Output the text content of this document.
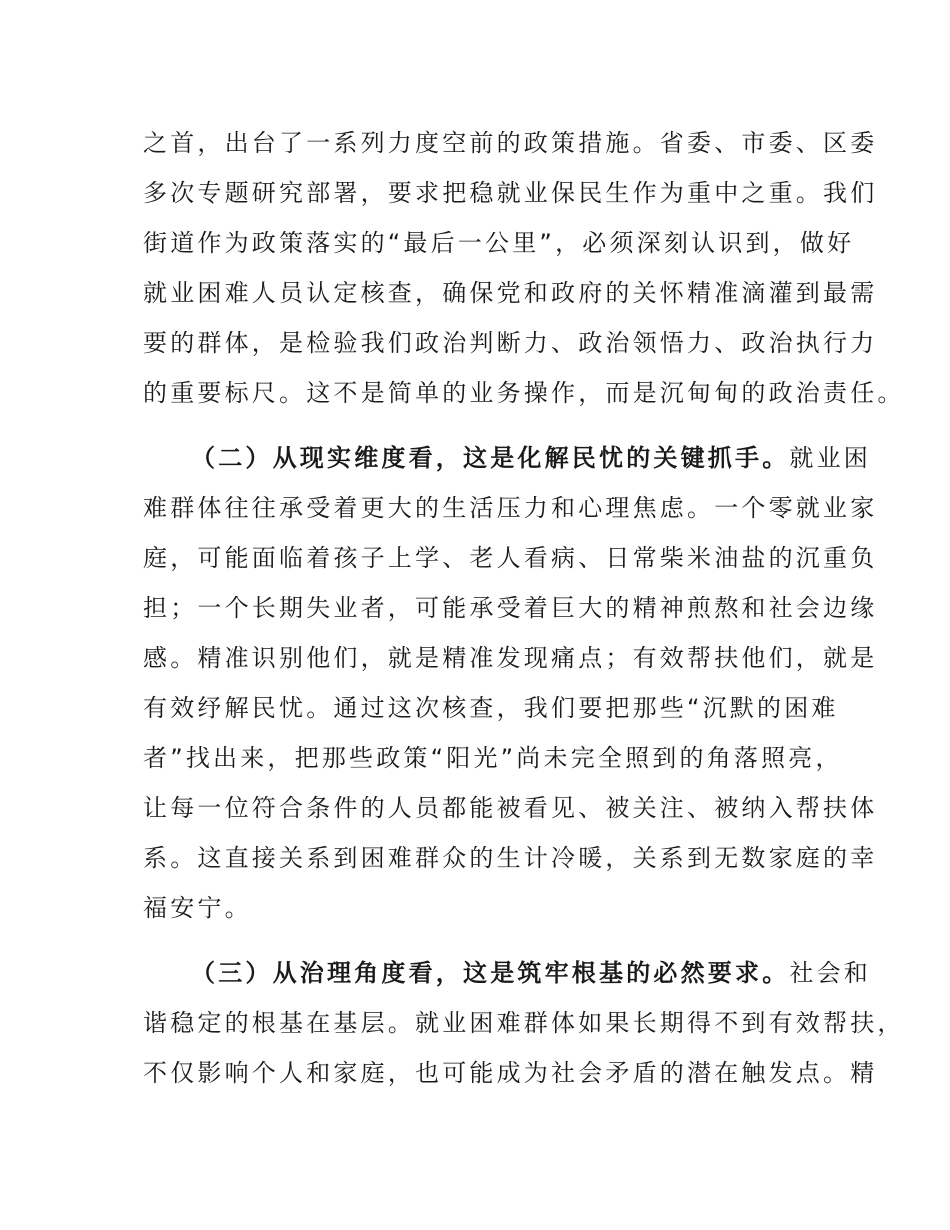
之首，出台了一系列力度空前的政策措施。省委、市委、区委
多次专题研究部署，要求把稳就业保民生作为重中之重。我们
街道作为政策落实的“最后一公里”，必须深刻认识到，做好
就业困难人员认定核查，确保党和政府的关怀精准滴灌到最需
要的群体，是检验我们政治判断力、政治领悟力、政治执行力
的重要标尺。这不是简单的业务操作，而是沉甸甸的政治责任。
（二）从现实维度看，这是化解民忧的关键抓手。就业困
难群体往往承受着更大的生活压力和心理焦虑。一个零就业家
庭，可能面临着孩子上学、老人看病、日常柴米油盐的沉重负
担；一个长期失业者，可能承受着巨大的精神煎熬和社会边缘
感。精准识别他们，就是精准发现痛点；有效帮扶他们，就是
有效纾解民忧。通过这次核查，我们要把那些“沉默的困难
者”找出来，把那些政策“阳光”尚未完全照到的角落照亮，
让每一位符合条件的人员都能被看见、被关注、被纳入帮扶体
系。这直接关系到困难群众的生计冷暖，关系到无数家庭的幸
福安宁。
（三）从治理角度看，这是筑牢根基的必然要求。社会和
谐稳定的根基在基层。就业困难群体如果长期得不到有效帮扶，
不仅影响个人和家庭，也可能成为社会矛盾的潜在触发点。精
